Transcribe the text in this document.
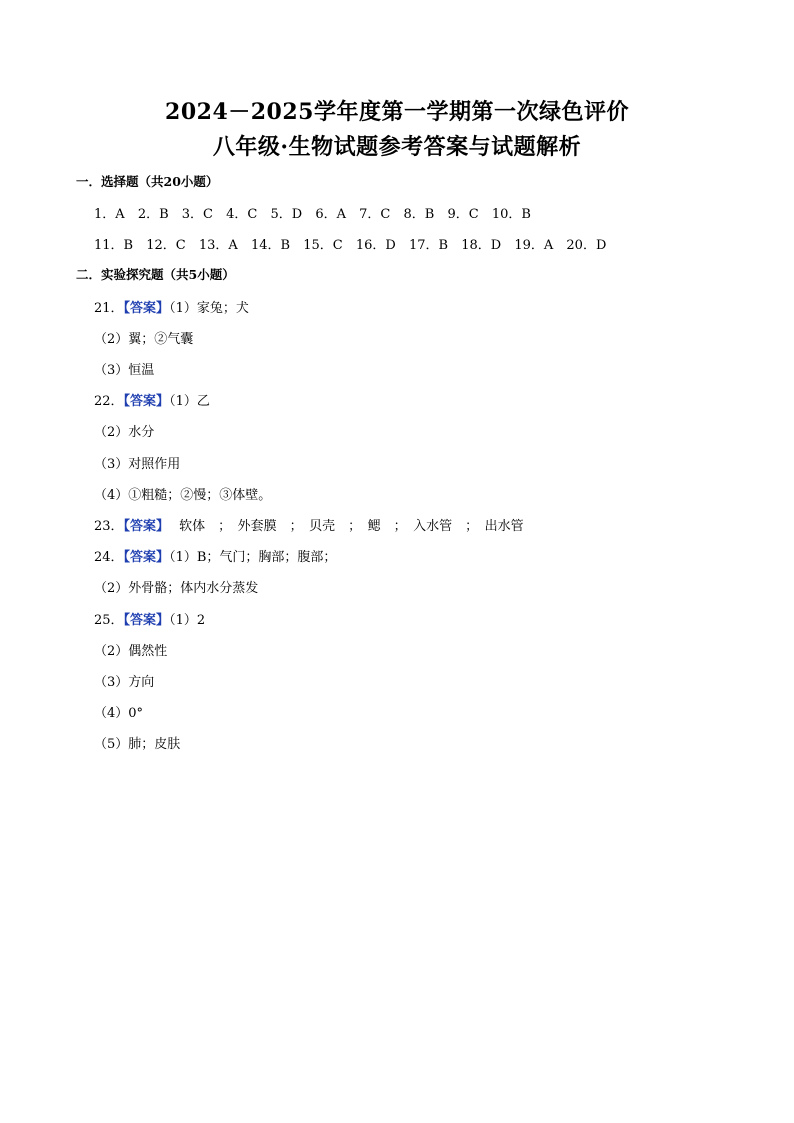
2024－2025学年度第一学期第一次绿色评价
八年级·生物试题参考答案与试题解析
一．选择题（共20小题）
1．A 2．B 3．C 4．C 5．D 6．A 7．C 8．B 9．C 10．B
11．B 12．C 13．A 14．B 15．C 16．D 17．B 18．D 19．A 20．D
二．实验探究题（共5小题）
21．【答案】（1）家兔；犬
（2）翼；②气囊
（3）恒温
22．【答案】（1）乙
（2）水分
（3）对照作用
（4）①粗糙；②慢；③体壁。
23．【答案】 软体　；　外套膜　；　贝壳　；　鳃　；　入水管　；　出水管
24．【答案】（1）B；气门；胸部；腹部；
（2）外骨骼；体内水分蒸发
25．【答案】（1）2
（2）偶然性
（3）方向
（4）0°
（5）肺；皮肤
